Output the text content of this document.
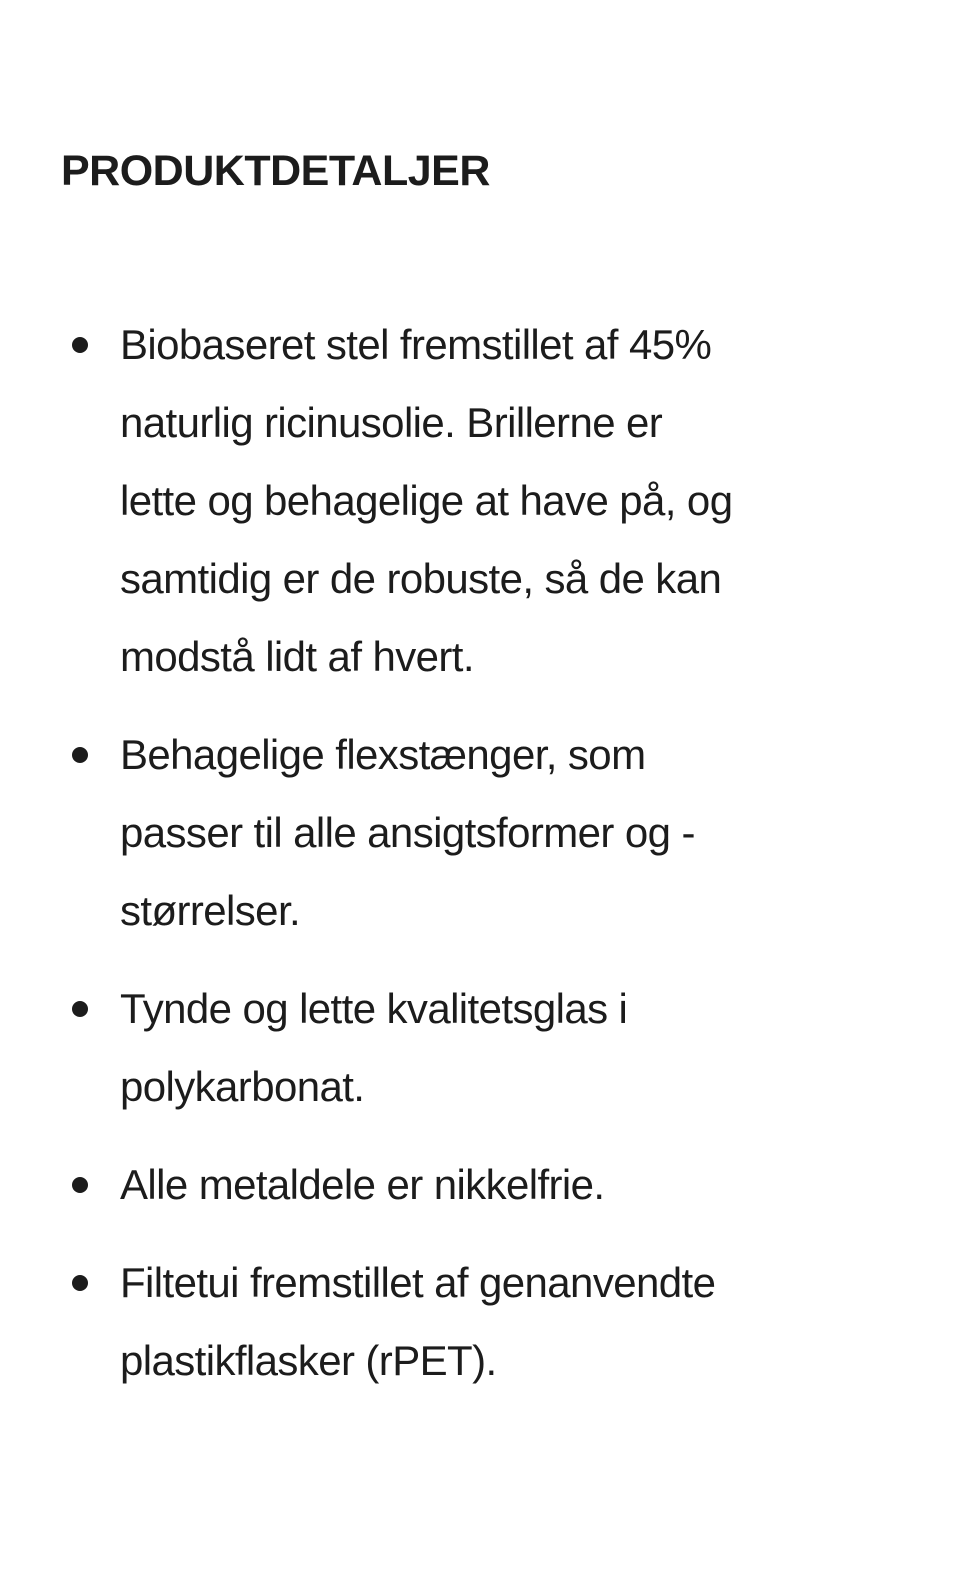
PRODUKTDETALJER
Biobaseret stel fremstillet af 45%
naturlig ricinusolie. Brillerne er
lette og behagelige at have på, og
samtidig er de robuste, så de kan
modstå lidt af hvert.
Behagelige flexstænger, som
passer til alle ansigtsformer og -
størrelser.
Tynde og lette kvalitetsglas i
polykarbonat.
Alle metaldele er nikkelfrie.
Filtetui fremstillet af genanvendte
plastikflasker (rPET).
